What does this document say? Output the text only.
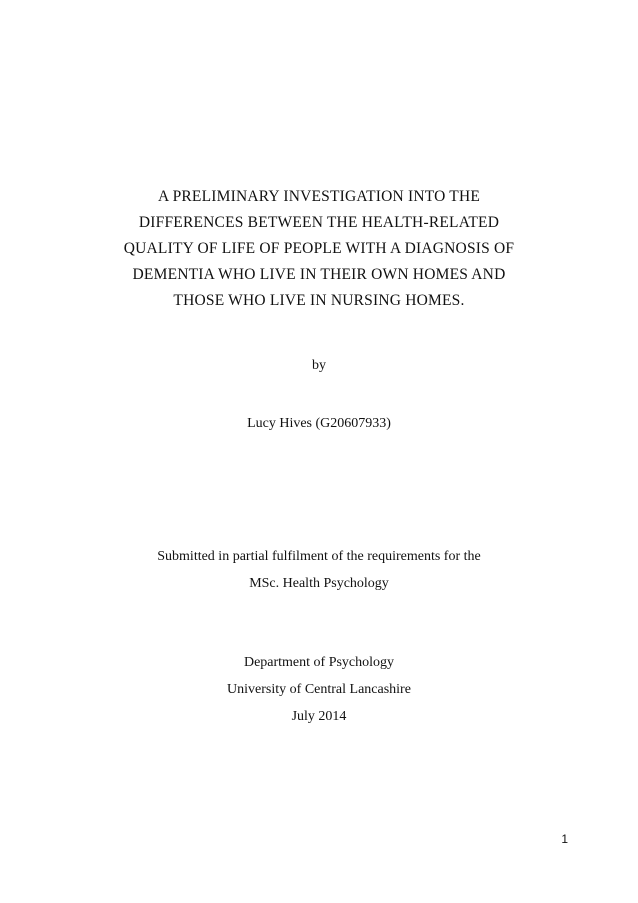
A PRELIMINARY INVESTIGATION INTO THE
DIFFERENCES BETWEEN THE HEALTH-RELATED
QUALITY OF LIFE OF PEOPLE WITH A DIAGNOSIS OF
DEMENTIA WHO LIVE IN THEIR OWN HOMES AND
THOSE WHO LIVE IN NURSING HOMES.
by
Lucy Hives (G20607933)
Submitted in partial fulfilment of the requirements for the
MSc. Health Psychology
Department of Psychology
University of Central Lancashire
July 2014
1
